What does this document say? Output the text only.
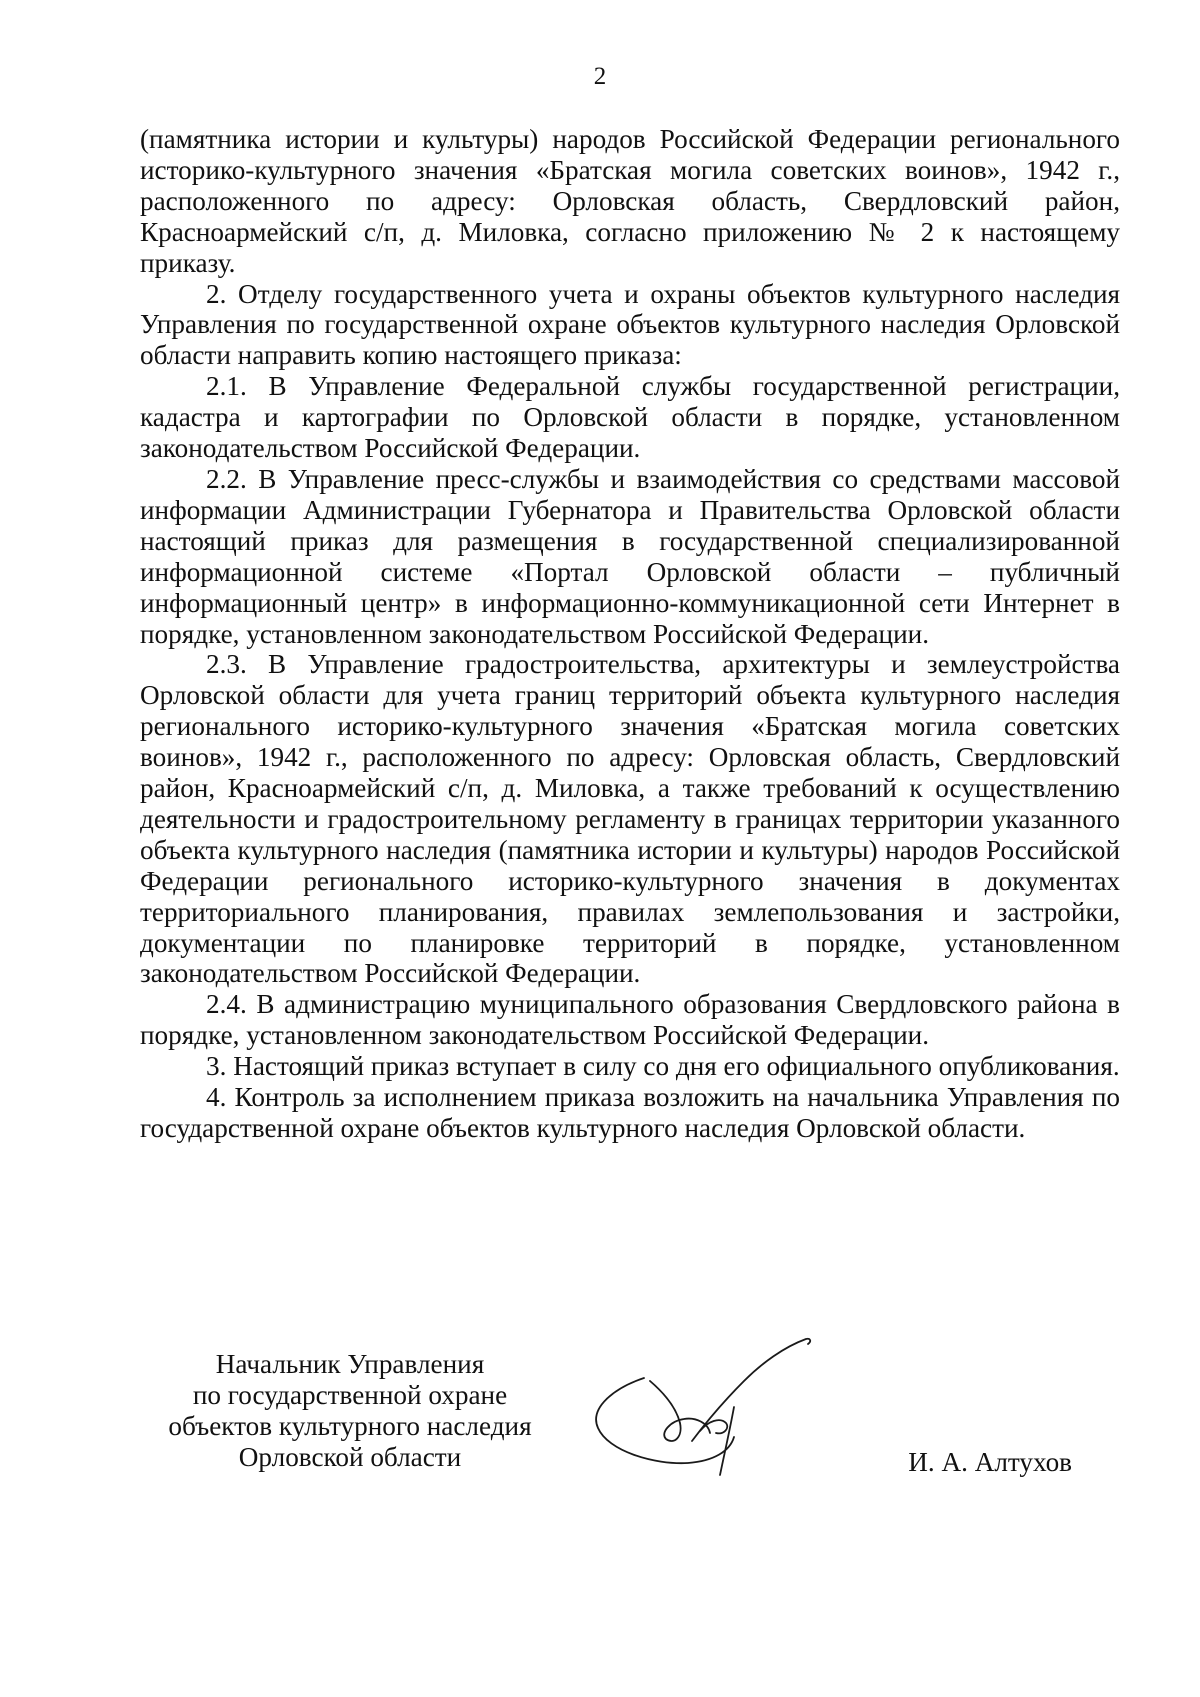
2

(памятника истории и культуры) народов Российской Федерации регионального историко-культурного значения «Братская могила советских воинов», 1942 г., расположенного по адресу: Орловская область, Свердловский район, Красноармейский с/п, д. Миловка, согласно приложению № 2 к настоящему приказу.

2. Отделу государственного учета и охраны объектов культурного наследия Управления по государственной охране объектов культурного наследия Орловской области направить копию настоящего приказа:

2.1. В Управление Федеральной службы государственной регистрации, кадастра и картографии по Орловской области в порядке, установленном законодательством Российской Федерации.

2.2. В Управление пресс-службы и взаимодействия со средствами массовой информации Администрации Губернатора и Правительства Орловской области настоящий приказ для размещения в государственной специализированной информационной системе «Портал Орловской области – публичный информационный центр» в информационно-коммуникационной сети Интернет в порядке, установленном законодательством Российской Федерации.

2.3. В Управление градостроительства, архитектуры и землеустройства Орловской области для учета границ территорий объекта культурного наследия регионального историко-культурного значения «Братская могила советских воинов», 1942 г., расположенного по адресу: Орловская область, Свердловский район, Красноармейский с/п, д. Миловка, а также требований к осуществлению деятельности и градостроительному регламенту в границах территории указанного объекта культурного наследия (памятника истории и культуры) народов Российской Федерации регионального историко-культурного значения в документах территориального планирования, правилах землепользования и застройки, документации по планировке территорий в порядке, установленном законодательством Российской Федерации.

2.4. В администрацию муниципального образования Свердловского района в порядке, установленном законодательством Российской Федерации.

3. Настоящий приказ вступает в силу со дня его официального опубликования.

4. Контроль за исполнением приказа возложить на начальника Управления по государственной охране объектов культурного наследия Орловской области.

Начальник Управления
по государственной охране
объектов культурного наследия
Орловской области	И. А. Алтухов
